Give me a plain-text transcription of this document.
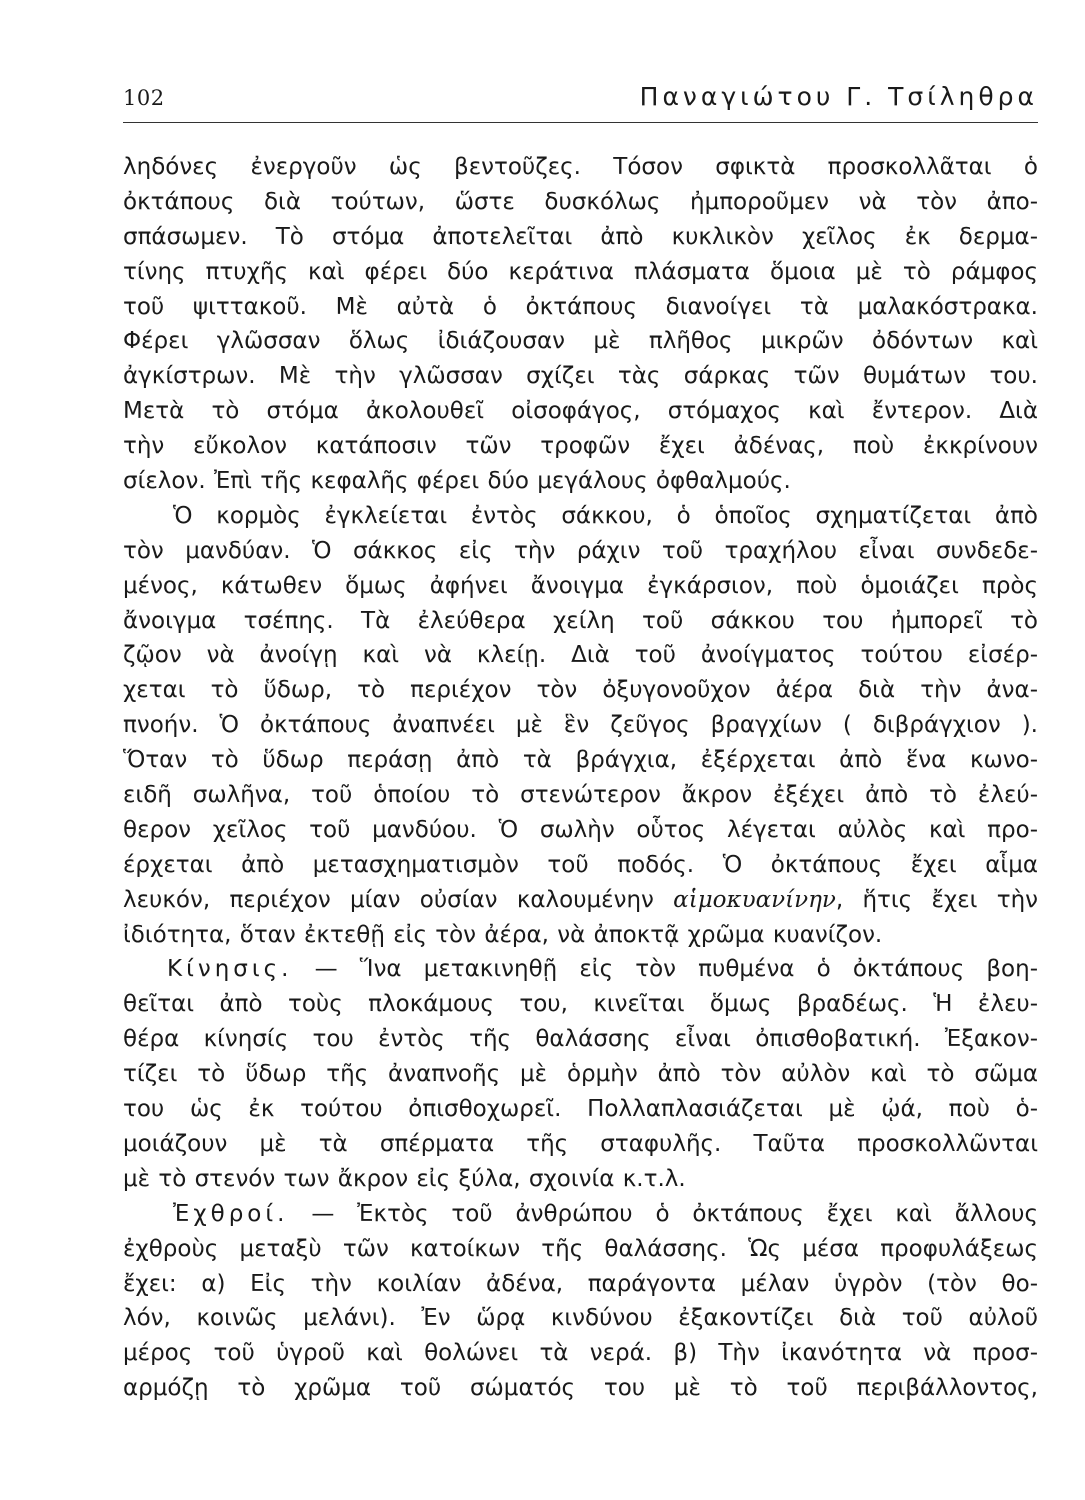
102	Παναγιώτου Γ. Τσίληθρα
ληδόνες ἐνεργοῦν ὡς βεντοῦζες. Τόσον σφικτὰ προσκολλᾶται ὁ
ὀκτάπους διὰ τούτων, ὥστε δυσκόλως ἠμποροῦμεν νὰ τὸν ἀπο-
σπάσωμεν. Τὸ στόμα ἀποτελεῖται ἀπὸ κυκλικὸν χεῖλος ἐκ δερμα-
τίνης πτυχῆς καὶ φέρει δύο κεράτινα πλάσματα ὅμοια μὲ τὸ ράμφος
τοῦ ψιττακοῦ. Μὲ αὐτὰ ὁ ὀκτάπους διανοίγει τὰ μαλακόστρακα.
Φέρει γλῶσσαν ὅλως ἰδιάζουσαν μὲ πλῆθος μικρῶν ὀδόντων καὶ
ἀγκίστρων. Μὲ τὴν γλῶσσαν σχίζει τὰς σάρκας τῶν θυμάτων του.
Μετὰ τὸ στόμα ἀκολουθεῖ οἰσοφάγος, στόμαχος καὶ ἔντερον. Διὰ
τὴν εὔκολον κατάποσιν τῶν τροφῶν ἔχει ἀδένας, ποὺ ἐκκρίνουν
σίελον. Ἐπὶ τῆς κεφαλῆς φέρει δύο μεγάλους ὀφθαλμούς.
Ὁ κορμὸς ἐγκλείεται ἐντὸς σάκκου, ὁ ὁποῖος σχηματίζεται ἀπὸ
τὸν μανδύαν. Ὁ σάκκος εἰς τὴν ράχιν τοῦ τραχήλου εἶναι συνδεδε-
μένος, κάτωθεν ὅμως ἀφήνει ἄνοιγμα ἐγκάρσιον, ποὺ ὁμοιάζει πρὸς
ἄνοιγμα τσέπης. Τὰ ἐλεύθερα χείλη τοῦ σάκκου του ἠμπορεῖ τὸ
ζῷον νὰ ἀνοίγῃ καὶ νὰ κλείῃ. Διὰ τοῦ ἀνοίγματος τούτου εἰσέρ-
χεται τὸ ὕδωρ, τὸ περιέχον τὸν ὀξυγονοῦχον ἀέρα διὰ τὴν ἀνα-
πνοήν. Ὁ ὀκτάπους ἀναπνέει μὲ ἓν ζεῦγος βραγχίων ( διβράγχιον ).
Ὅταν τὸ ὕδωρ περάσῃ ἀπὸ τὰ βράγχια, ἐξέρχεται ἀπὸ ἕνα κωνο-
ειδῆ σωλῆνα, τοῦ ὁποίου τὸ στενώτερον ἄκρον ἐξέχει ἀπὸ τὸ ἐλεύ-
θερον χεῖλος τοῦ μανδύου. Ὁ σωλὴν οὗτος λέγεται αὐλὸς καὶ προ-
έρχεται ἀπὸ μετασχηματισμὸν τοῦ ποδός. Ὁ ὀκτάπους ἔχει αἷμα
λευκόν, περιέχον μίαν οὐσίαν καλουμένην αἱμοκυανίνην, ἥτις ἔχει τὴν
ἰδιότητα, ὅταν ἐκτεθῇ εἰς τὸν ἀέρα, νὰ ἀποκτᾷ χρῶμα κυανίζον.
Κίνησις. — Ἵνα μετακινηθῇ εἰς τὸν πυθμένα ὁ ὀκτάπους βοη-
θεῖται ἀπὸ τοὺς πλοκάμους του, κινεῖται ὅμως βραδέως. Ἡ ἐλευ-
θέρα κίνησίς του ἐντὸς τῆς θαλάσσης εἶναι ὀπισθοβατική. Ἐξακον-
τίζει τὸ ὕδωρ τῆς ἀναπνοῆς μὲ ὁρμὴν ἀπὸ τὸν αὐλὸν καὶ τὸ σῶμα
του ὡς ἐκ τούτου ὀπισθοχωρεῖ. Πολλαπλασιάζεται μὲ ᾠά, ποὺ ὁ-
μοιάζουν μὲ τὰ σπέρματα τῆς σταφυλῆς. Ταῦτα προσκολλῶνται
μὲ τὸ στενόν των ἄκρον εἰς ξύλα, σχοινία κ.τ.λ.
Ἐχθροί. — Ἐκτὸς τοῦ ἀνθρώπου ὁ ὀκτάπους ἔχει καὶ ἄλλους
ἐχθροὺς μεταξὺ τῶν κατοίκων τῆς θαλάσσης. Ὡς μέσα προφυλάξεως
ἔχει: α) Εἰς τὴν κοιλίαν ἀδένα, παράγοντα μέλαν ὑγρὸν (τὸν θο-
λόν, κοινῶς μελάνι). Ἐν ὥρᾳ κινδύνου ἐξακοντίζει διὰ τοῦ αὐλοῦ
μέρος τοῦ ὑγροῦ καὶ θολώνει τὰ νερά. β) Τὴν ἰκανότητα νὰ προσ-
αρμόζῃ τὸ χρῶμα τοῦ σώματός του μὲ τὸ τοῦ περιβάλλοντος,
